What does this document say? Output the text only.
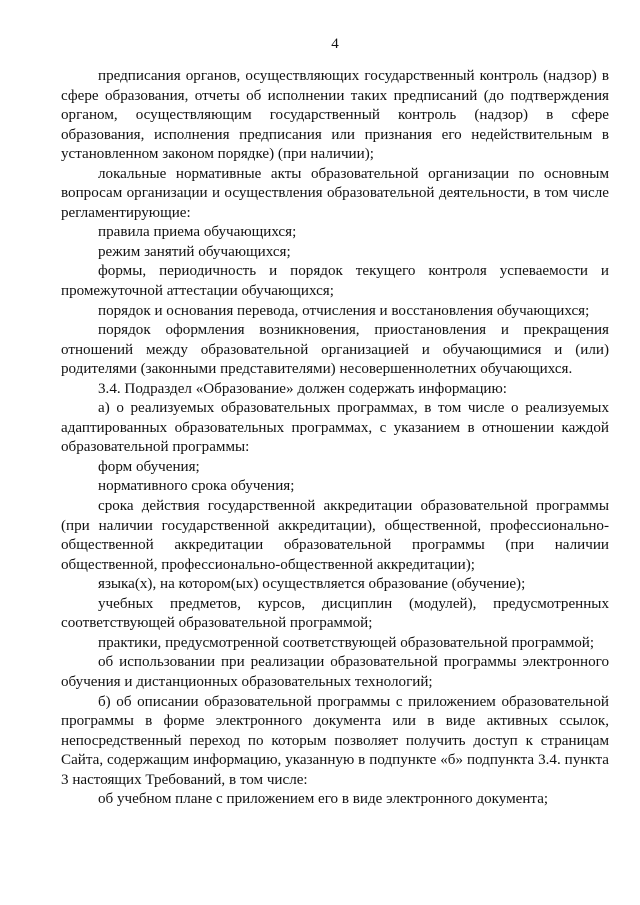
4

предписания органов, осуществляющих государственный контроль (надзор) в сфере образования, отчеты об исполнении таких предписаний (до подтверждения органом, осуществляющим государственный контроль (надзор) в сфере образования, исполнения предписания или признания его недействительным в установленном законом порядке) (при наличии);

локальные нормативные акты образовательной организации по основным вопросам организации и осуществления образовательной деятельности, в том числе регламентирующие:

правила приема обучающихся;

режим занятий обучающихся;

формы, периодичность и порядок текущего контроля успеваемости и промежуточной аттестации обучающихся;

порядок и основания перевода, отчисления и восстановления обучающихся;

порядок оформления возникновения, приостановления и прекращения отношений между образовательной организацией и обучающимися и (или) родителями (законными представителями) несовершеннолетних обучающихся.

3.4. Подраздел «Образование» должен содержать информацию:

а) о реализуемых образовательных программах, в том числе о реализуемых адаптированных образовательных программах, с указанием в отношении каждой образовательной программы:

форм обучения;

нормативного срока обучения;

срока действия государственной аккредитации образовательной программы (при наличии государственной аккредитации), общественной, профессионально-общественной аккредитации образовательной программы (при наличии общественной, профессионально-общественной аккредитации);

языка(х), на котором(ых) осуществляется образование (обучение);

учебных предметов, курсов, дисциплин (модулей), предусмотренных соответствующей образовательной программой;

практики, предусмотренной соответствующей образовательной программой;

об использовании при реализации образовательной программы электронного обучения и дистанционных образовательных технологий;

б) об описании образовательной программы с приложением образовательной программы в форме электронного документа или в виде активных ссылок, непосредственный переход по которым позволяет получить доступ к страницам Сайта, содержащим информацию, указанную в подпункте «б» подпункта 3.4. пункта 3 настоящих Требований, в том числе:

об учебном плане с приложением его в виде электронного документа;
